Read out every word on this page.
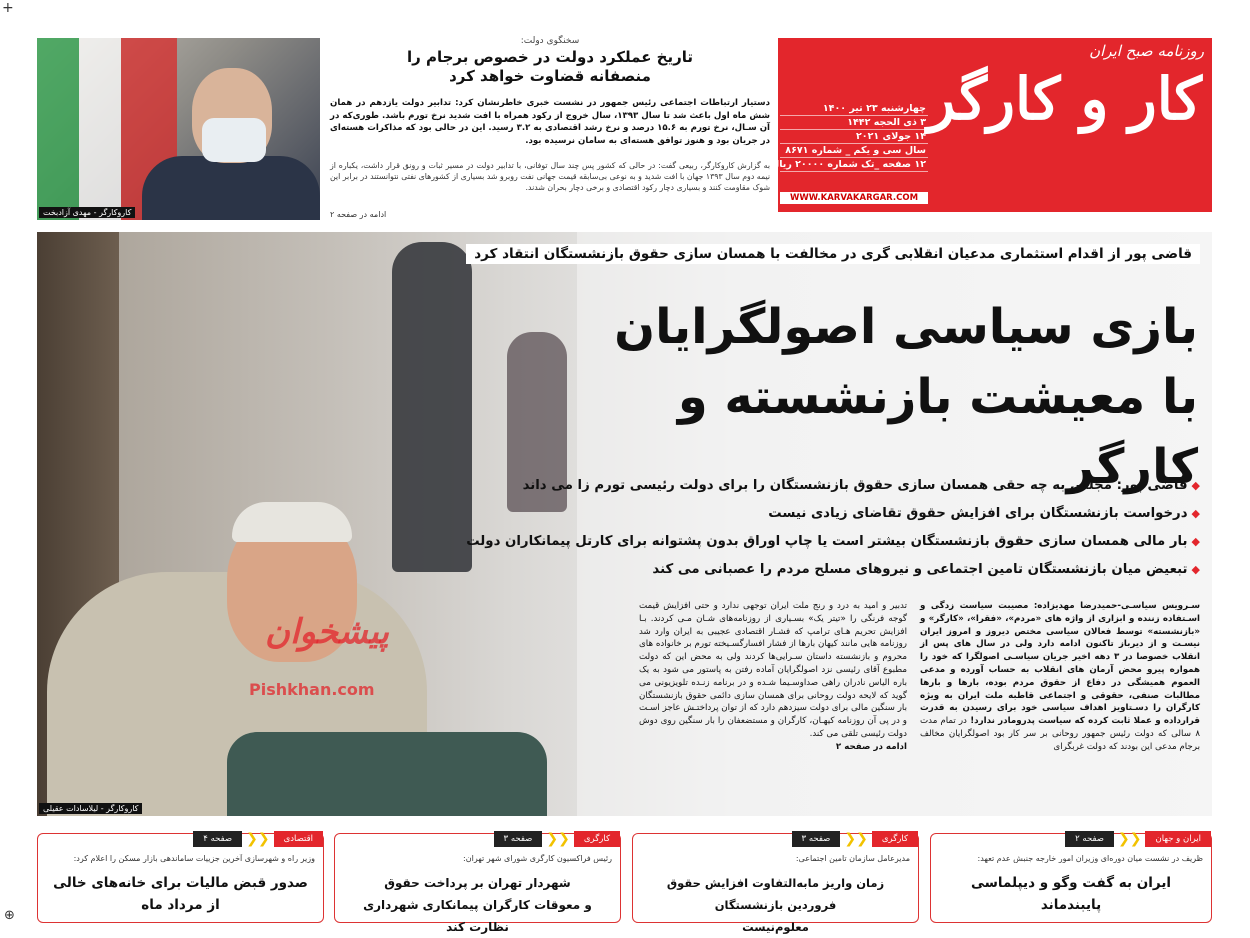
+
⊕
روزنامه صبح ایران
کار و کارگر
چهارشنبه ۲۳ تیر ۱۴۰۰
۳ ذی الحجه ۱۴۴۲
۱۴ جولای ۲۰۲۱
سال سی و یکم _ شماره ۸۶۷۱
۱۲ صفحه _تک شماره ۲۰۰۰۰ ریال
WWW.KARVAKARGAR.COM
کاروکارگر - مهدی آزادبخت
سخنگوی دولت:
تاریخ عملکرد دولت در خصوص برجام را
منصفانه قضاوت خواهد کرد
دستیار ارتباطات اجتماعی رئیس جمهور در نشست خبری خاطرنشان کرد: تدابیر دولت یازدهم در همان شش ماه اول باعث شد تا سال ۱۳۹۳، سال خروج از رکود همراه با افت شدید نرخ تورم باشد. طوری‌که در آن سـال، نرخ تورم به ۱۵.۶ درصد و نرخ رشد اقتصادی به ۳.۲ رسید. این در حالی بود که مذاکرات هسته‌ای در جریان بود و هنوز توافق هسته‌ای به سامان نرسیده بود.
به گزارش کاروکارگر، ربیعی گفت: در حالی که کشور پس چند سال توفانی، با تدابیر دولت در مسیر ثبات و رونق قرار داشت، یکباره از نیمه دوم سال ۱۳۹۳ جهان با افت شدید و به نوعی بی‌سابقه قیمت جهانی نفت روبرو شد بسیاری از کشورهای نفتی نتوانستند در برابر این شوک مقاومت کنند و بسیاری دچار رکود اقتصادی و برخی دچار بحران شدند.
ادامه در صفحه ۲
کاروکارگر - لیلاسادات عقیلی
قاضی پور از اقدام استثماری مدعیان انقلابی گری در مخالفت با همسان سازی حقوق بازنشستگان انتقاد کرد
بازی سیاسی اصولگرایان
با معیشت بازنشسته و کارگر
◆ قاضی پور: مجلس به چه حقی همسان سازی حقوق بازنشستگان را برای دولت رئیسی تورم زا می داند
◆ درخواست بازنشستگان برای افزایش حقوق تقاضای زیادی نیست
◆ بار مالی همسان سازی حقوق بازنشستگان بیشتر است یا چاپ اوراق بدون پشتوانه برای کارتل پیمانکاران دولت
◆ تبعیض میان بازنشستگان تامین اجتماعی و نیروهای مسلح مردم را عصبانی می کند
پیشخوان
Pishkhan.com
سـرویس سیاسـی-حمیدرضا مهدیزاده: مصیبت سیاست زدگی و اسـتفاده زننده و ابزاری از واژه های «مردم»، «فقرا»، «کارگر» و «بازنشسته» توسط فعالان سیاسی مختص دیروز و امروز ایران نیسـت و از دیرباز تاکنون ادامه دارد ولی در سال های پس از انقلاب خصوصا در ۳ دهه اخیر جریان سیاسـی اصولگرا که خود را همواره پیرو محض آرمان های انقلاب به حساب آورده و مدعی العموم همیشگی در دفاع از حقوق مردم بوده، بارها و بارها مطالبات صنفی، حقوقی و اجتماعی قاطبه ملت ایران به ویژه کارگران را دسـتاویز اهداف سیاسی خود برای رسیدن به قدرت قرارداده و عملا ثابت کرده که سیاست پدرومادر ندارد! در تمام مدت ۸ سالی که دولت رئیس جمهور روحانی بر سر کار بود اصولگرایان مخالف برجام مدعی این بودند که دولت غربگرای
تدبیر و امید به درد و رنج ملت ایران توجهی ندارد و حتی افزایش قیمت گوجه فرنگی را «تیتر یک» بسـیاری از روزنامه‌های شـان مـی کردند. بـا افزایش تحریم هـای ترامپ که فشـار اقتصادی عجیبی به ایران وارد شد روزنامه هایی مانند کیهان بارها از فشار افسارگسـیخته تورم بر خانواده های محروم و بازنشسته داستان سـرایی‌ها کردند ولی به محض این که دولت مطبوع آقای رئیسی نزد اصولگرایان آماده رفتن به پاستور می شود به یک باره الیاس نادران راهی صداوسـیما شـده و در برنامه زنـده تلویزیونی می گوید که لایحه دولت روحانی برای همسان سازی دائمی حقوق بازنشستگان بار سنگین مالی برای دولت سیزدهم دارد که از توان پرداختـش عاجز اسـت و در پی آن روزنامه کیهـان، کارگران و مستضعفان را بار سنگین روی دوش دولت رئیسی تلقی می کند.
ادامه در صفحه ۲
ایران و جهان
❮❮
صفحه ۲
ظریف در نشست میان دوره‌ای وزیران امور خارجه جنبش عدم تعهد:
ایران به گفت وگو و دیپلماسی
پایبندماند
کارگری
❮❮
صفحه ۳
مدیرعامل سازمان تامین اجتماعی:
زمان واریز مابه‌التفاوت افزایش حقوق فروردین بازنشستگان
معلوم‌نیست
کارگری
❮❮
صفحه ۳
رئیس فراکسیون کارگری شورای شهر تهران:
شهردار تهران بر پرداخت حقوق
و معوقات کارگران پیمانکاری شهرداری نظارت کند
اقتصادی
❮❮
صفحه ۴
وزیر راه و شهرسازی آخرین جزییات ساماندهی بازار مسکن را اعلام کرد:
صدور قبض مالیات برای خانه‌های خالی
از مرداد ماه
